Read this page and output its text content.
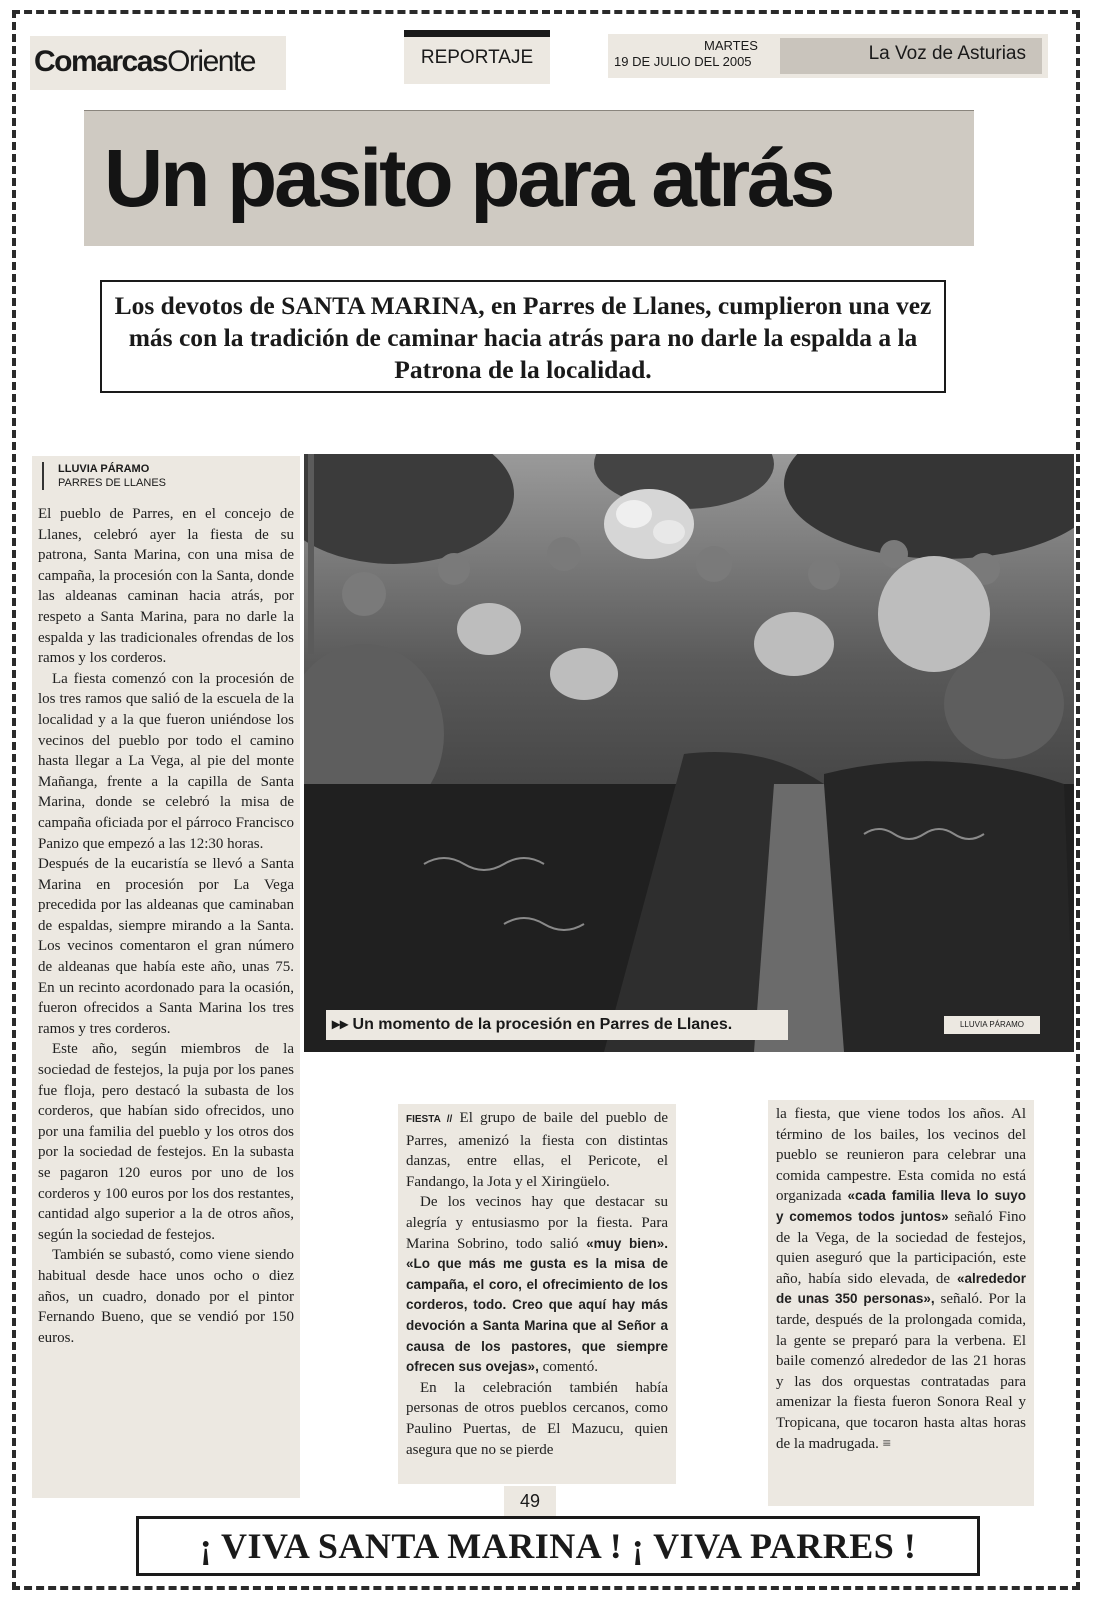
ComarcasOriente	REPORTAJE
MARTES
19 DE JULIO DEL 2005	La Voz de Asturias
Un pasito para atrás
Los devotos de SANTA MARINA, en Parres de Llanes, cumplieron una vez más con la tradición de caminar hacia atrás para no darle la espalda a la Patrona de la localidad.
LLUVIA PÁRAMO
PARRES DE LLANES

El pueblo de Parres, en el concejo de Llanes, celebró ayer la fiesta de su patrona, Santa Marina, con una misa de campaña, la procesión con la Santa, donde las aldeanas caminan hacia atrás, por respeto a Santa Marina, para no darle la espalda y las tradicionales ofrendas de los ramos y los corderos.

La fiesta comenzó con la procesión de los tres ramos que salió de la escuela de la localidad y a la que fueron uniéndose los vecinos del pueblo por todo el camino hasta llegar a La Vega, al pie del monte Mañanga, frente a la capilla de Santa Marina, donde se celebró la misa de campaña oficiada por el párroco Francisco Panizo que empezó a las 12:30 horas.

Después de la eucaristía se llevó a Santa Marina en procesión por La Vega precedida por las aldeanas que caminaban de espaldas, siempre mirando a la Santa. Los vecinos comentaron el gran número de aldeanas que había este año, unas 75. En un recinto acordonado para la ocasión, fueron ofrecidos a Santa Marina los tres ramos y tres corderos.

Este año, según miembros de la sociedad de festejos, la puja por los panes fue floja, pero destacó la subasta de los corderos, que habían sido ofrecidos, uno por una familia del pueblo y los otros dos por la sociedad de festejos. En la subasta se pagaron 120 euros por uno de los corderos y 100 euros por los dos restantes, cantidad algo superior a la de otros años, según la sociedad de festejos.

También se subastó, como viene siendo habitual desde hace unos ocho o diez años, un cuadro, donado por el pintor Fernando Bueno, que se vendió por 150 euros.

▸▸ Un momento de la procesión en Parres de Llanes.	LLUVIA PÁRAMO

FIESTA // El grupo de baile del pueblo de Parres, amenizó la fiesta con distintas danzas, entre ellas, el Pericote, el Fandango, la Jota y el Xiringüelo.

De los vecinos hay que destacar su alegría y entusiasmo por la fiesta. Para Marina Sobrino, todo salió «muy bien». «Lo que más me gusta es la misa de campaña, el coro, el ofrecimiento de los corderos, todo. Creo que aquí hay más devoción a Santa Marina que al Señor a causa de los pastores, que siempre ofrecen sus ovejas», comentó.

En la celebración también había personas de otros pueblos cercanos, como Paulino Puertas, de El Mazucu, quien asegura que no se pierde

la fiesta, que viene todos los años. Al término de los bailes, los vecinos del pueblo se reunieron para celebrar una comida campestre. Esta comida no está organizada «cada familia lleva lo suyo y comemos todos juntos» señaló Fino de la Vega, de la sociedad de festejos, quien aseguró que la participación, este año, había sido elevada, de «alrededor de unas 350 personas», señaló. Por la tarde, después de la prolongada comida, la gente se preparó para la verbena. El baile comenzó alrededor de las 21 horas y las dos orquestas contratadas para amenizar la fiesta fueron Sonora Real y Tropicana, que tocaron hasta altas horas de la madrugada. ≡

49
¡ VIVA SANTA MARINA ! ¡ VIVA PARRES !
